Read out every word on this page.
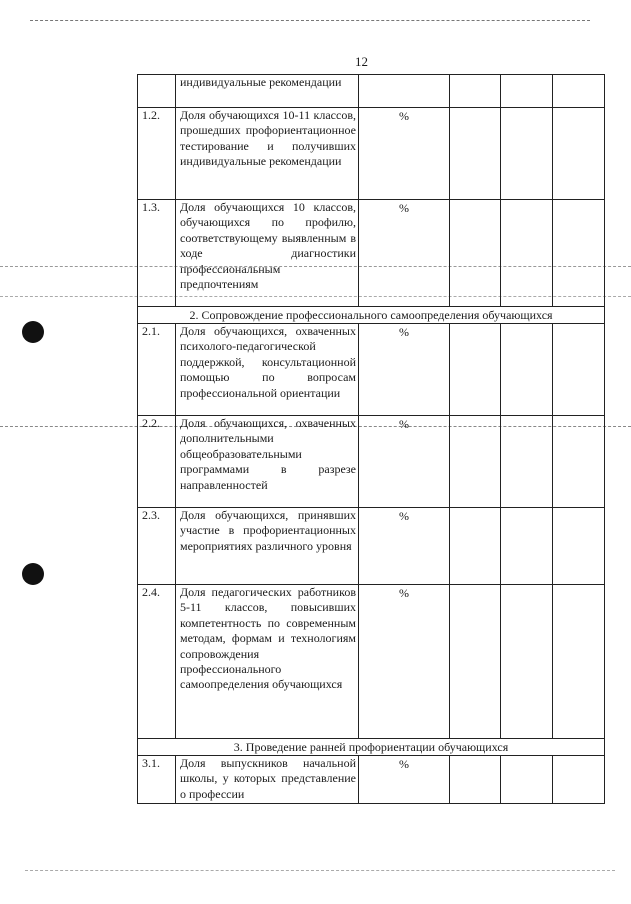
12
	индивидуальные рекомендации				
1.2.	Доля обучающихся 10-11 классов, прошедших профориентационное тестирование и получивших индивидуальные рекомендации	%			
1.3.	Доля обучающихся 10 классов, обучающихся по профилю, соответствующему выявленным в ходе диагностики профессиональным предпочтениям	%			
2. Сопровождение профессионального самоопределения обучающихся					
2.1.	Доля обучающихся, охваченных психолого-педагогической поддержкой, консультационной помощью по вопросам профессиональной ориентации	%			
2.2.	Доля обучающихся, охваченных дополнительными общеобразовательными программами в разрезе направленностей	%			
2.3.	Доля обучающихся, принявших участие в профориентационных мероприятиях различного уровня	%			
2.4.	Доля педагогических работников 5-11 классов, повысивших компетентность по современным методам, формам и технологиям сопровождения профессионального самоопределения обучающихся	%			
3. Проведение ранней профориентации обучающихся					
3.1.	Доля выпускников начальной школы, у которых представление о профессии	%			
